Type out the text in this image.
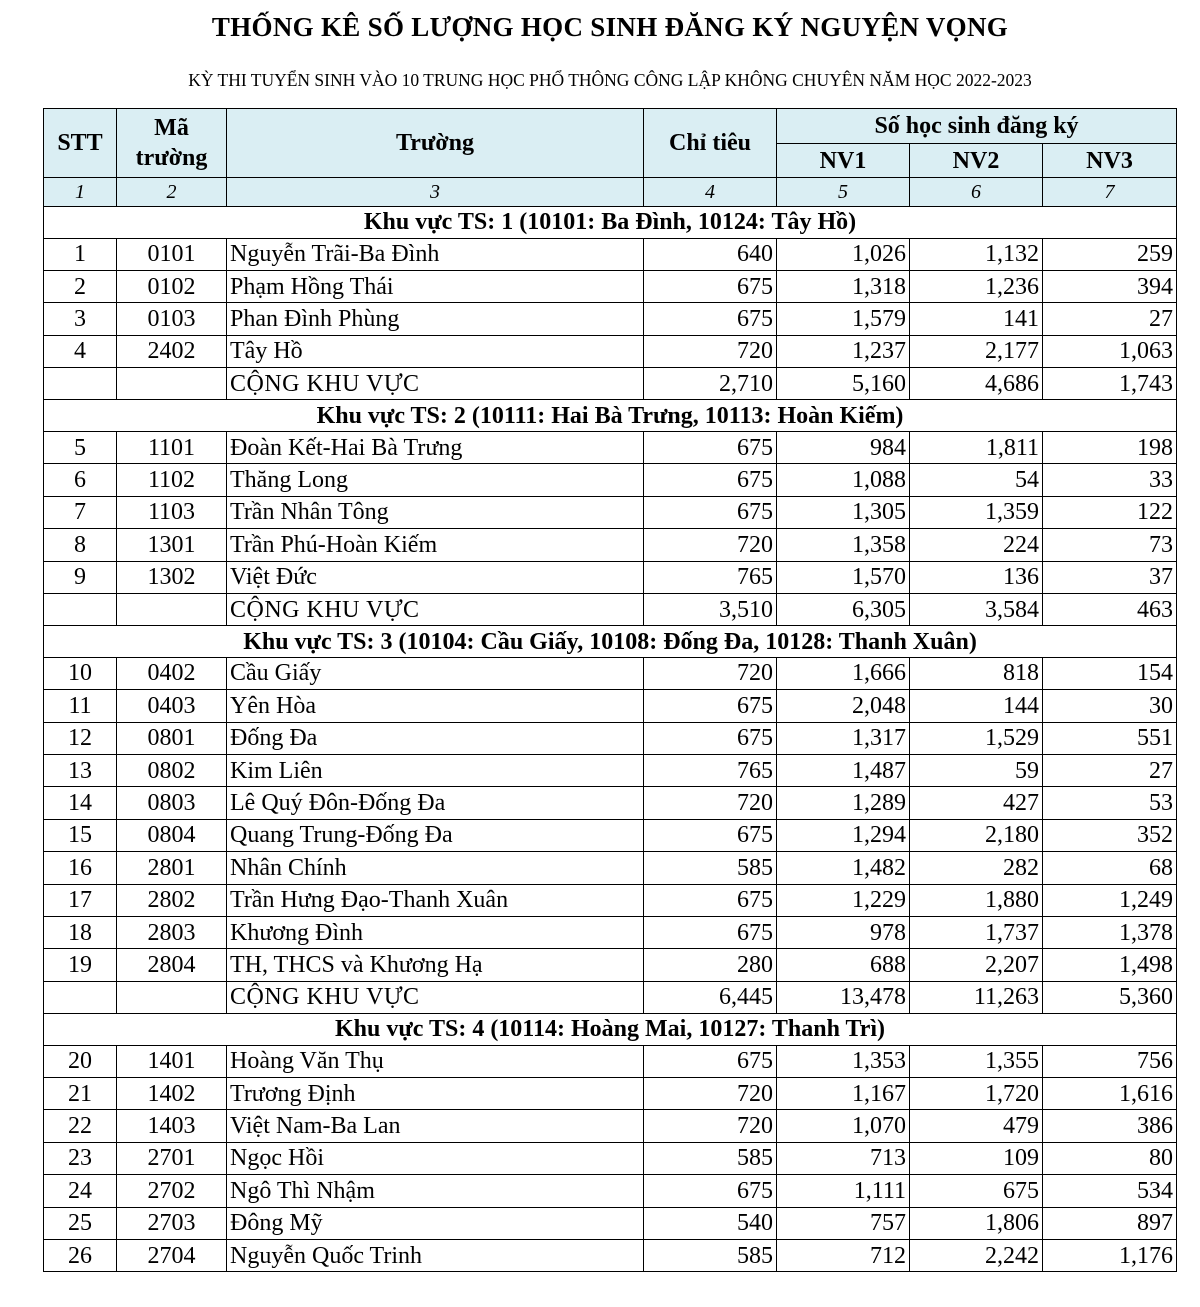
THỐNG KÊ SỐ LƯỢNG HỌC SINH ĐĂNG KÝ NGUYỆN VỌNG
KỲ THI TUYỂN SINH VÀO 10 TRUNG HỌC PHỔ THÔNG CÔNG LẬP KHÔNG CHUYÊN NĂM HỌC 2022-2023
STT	Mã trường	Trường	Chỉ tiêu	Số học sinh đăng ký		
				NV1	NV2	NV3
1	2	3	4	5	6	7
Khu vực TS: 1 (10101: Ba Đình, 10124: Tây Hồ)						
1	0101	Nguyễn Trãi-Ba Đình	640	1,026	1,132	259
2	0102	Phạm Hồng Thái	675	1,318	1,236	394
3	0103	Phan Đình Phùng	675	1,579	141	27
4	2402	Tây Hồ	720	1,237	2,177	1,063
		CỘNG KHU VỰC	2,710	5,160	4,686	1,743
Khu vực TS: 2 (10111: Hai Bà Trưng, 10113: Hoàn Kiếm)						
5	1101	Đoàn Kết-Hai Bà Trưng	675	984	1,811	198
6	1102	Thăng Long	675	1,088	54	33
7	1103	Trần Nhân Tông	675	1,305	1,359	122
8	1301	Trần Phú-Hoàn Kiếm	720	1,358	224	73
9	1302	Việt Đức	765	1,570	136	37
		CỘNG KHU VỰC	3,510	6,305	3,584	463
Khu vực TS: 3 (10104: Cầu Giấy, 10108: Đống Đa, 10128: Thanh Xuân)						
10	0402	Cầu Giấy	720	1,666	818	154
11	0403	Yên Hòa	675	2,048	144	30
12	0801	Đống Đa	675	1,317	1,529	551
13	0802	Kim Liên	765	1,487	59	27
14	0803	Lê Quý Đôn-Đống Đa	720	1,289	427	53
15	0804	Quang Trung-Đống Đa	675	1,294	2,180	352
16	2801	Nhân Chính	585	1,482	282	68
17	2802	Trần Hưng Đạo-Thanh Xuân	675	1,229	1,880	1,249
18	2803	Khương Đình	675	978	1,737	1,378
19	2804	TH, THCS và Khương Hạ	280	688	2,207	1,498
		CỘNG KHU VỰC	6,445	13,478	11,263	5,360
Khu vực TS: 4 (10114: Hoàng Mai, 10127: Thanh Trì)						
20	1401	Hoàng Văn Thụ	675	1,353	1,355	756
21	1402	Trương Định	720	1,167	1,720	1,616
22	1403	Việt Nam-Ba Lan	720	1,070	479	386
23	2701	Ngọc Hồi	585	713	109	80
24	2702	Ngô Thì Nhậm	675	1,111	675	534
25	2703	Đông Mỹ	540	757	1,806	897
26	2704	Nguyễn Quốc Trinh	585	712	2,242	1,176
